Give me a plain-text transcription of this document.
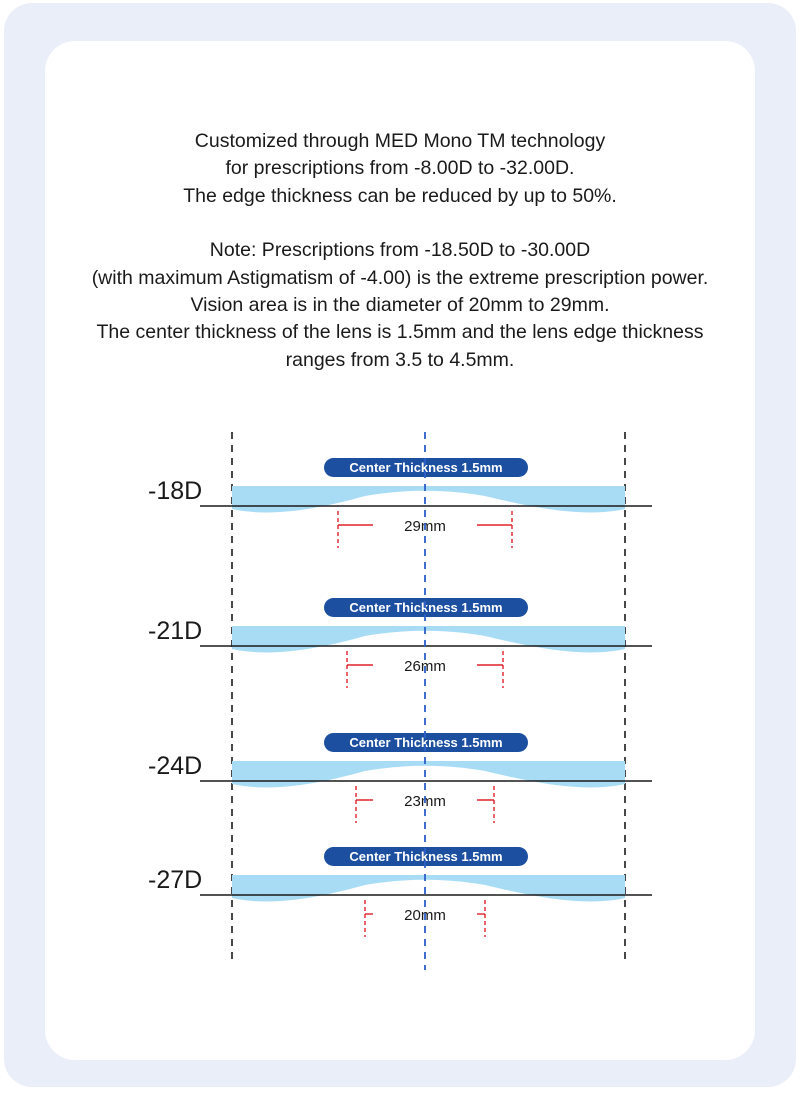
Customized through MED Mono TM technology
for prescriptions from -8.00D to -32.00D.
The edge thickness can be reduced by up to 50%.
Note: Prescriptions from -18.50D to -30.00D
(with maximum Astigmatism of -4.00) is the extreme prescription power.
Vision area is in the diameter of 20mm to 29mm.
The center thickness of the lens is 1.5mm and the lens edge thickness
ranges from 3.5 to 4.5mm.
-18D
Center Thickness 1.5mm
29mm
-21D
Center Thickness 1.5mm
26mm
-24D
Center Thickness 1.5mm
23mm
-27D
Center Thickness 1.5mm
20mm
